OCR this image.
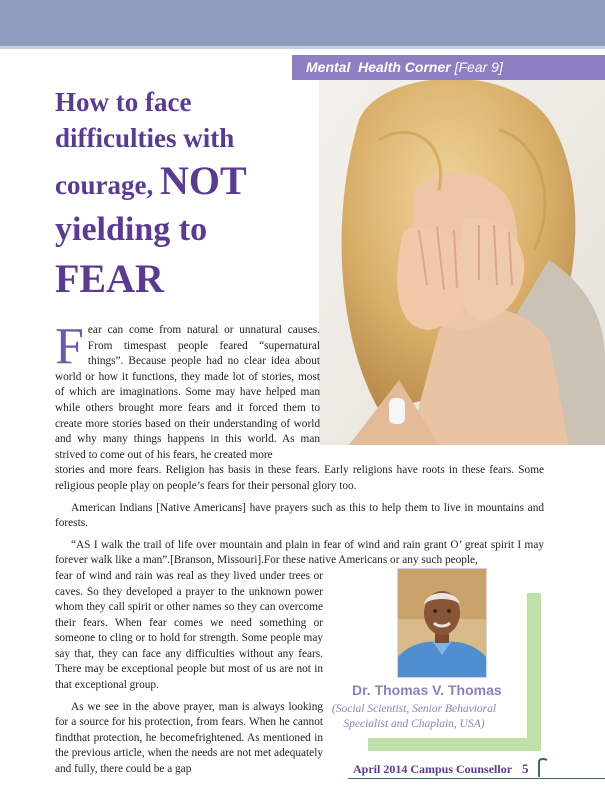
Mental Health Corner [Fear 9]
How to face
difficulties with
courage, NOT
yielding to
FEAR
Fear can come from natural or unnatural causes. From timespast people feared “supernatural things”. Because people had no clear idea about world or how it functions, they made lot of stories, most of which are imaginations. Some may have helped man while others brought more fears and it forced them to create more stories based on their understanding of world and why many things happens in this world. As man strived to come out of his fears, he created more

stories and more fears. Religion has basis in these fears. Early religions have roots in these fears. Some religious people play on people’s fears for their personal glory too.

American Indians [Native Americans] have prayers such as this to help them to live in mountains and forests.

“AS I walk the trail of life over mountain and plain in fear of wind and rain grant O’ great spirit I may forever walk like a man”.[Branson, Missouri].For these native Americans or any such people,

fear of wind and rain was real as they lived under trees or caves. So they developed a prayer to the unknown power whom they call spirit or other names so they can overcome their fears. When fear comes we need something or someone to cling or to hold for strength. Some people may say that, they can face any difficulties without any fears. There may be exceptional people but most of us are not in that exceptional group.

As we see in the above prayer, man is always looking for a source for his protection, from fears. When he cannot findthat protection, he becomefrightened. As mentioned in the previous article, when the needs are not met adequately and fully, there could be a gap

Dr. Thomas V. Thomas
(Social Scientist, Senior Behavioral Specialist and Chaplain, USA)
April 2014 Campus Counsellor 5
